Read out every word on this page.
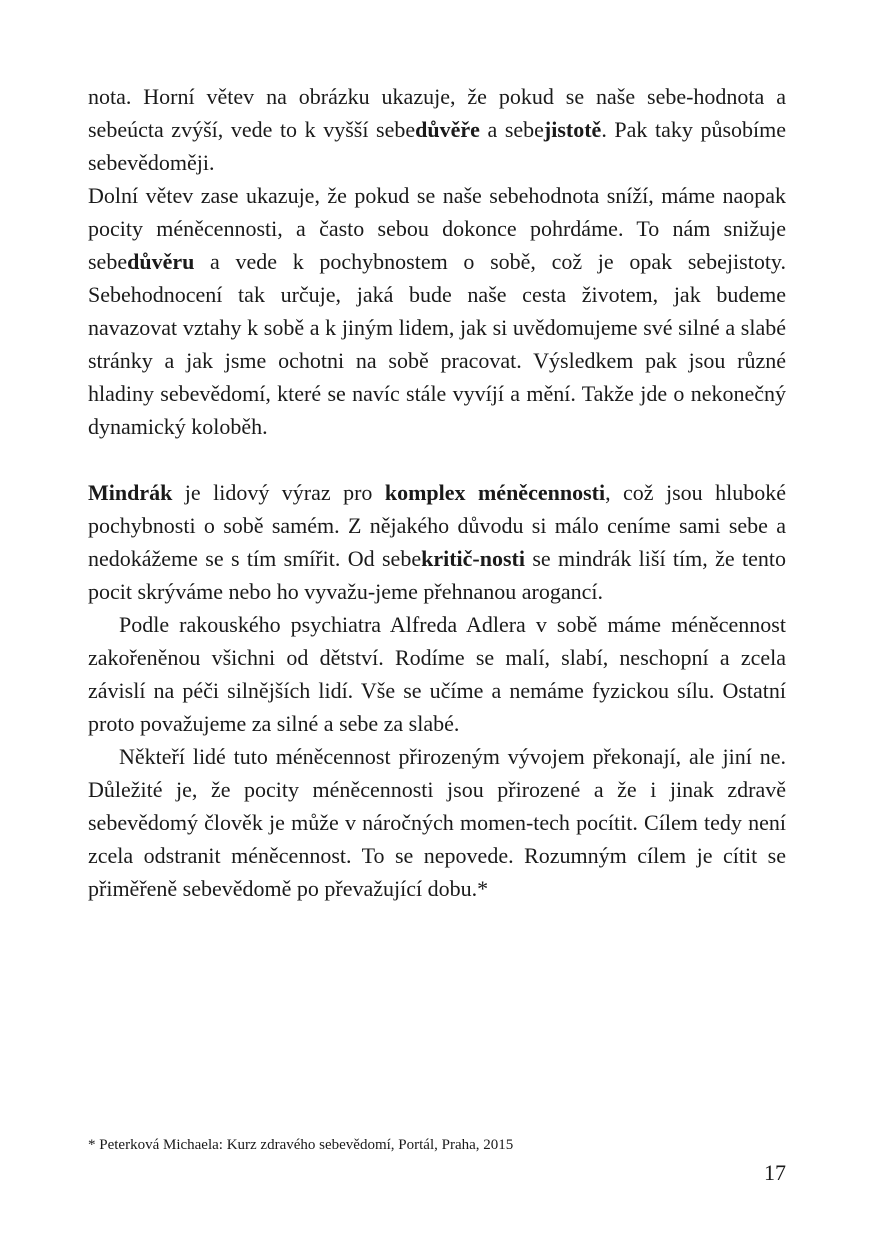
nota. Horní větev na obrázku ukazuje, že pokud se naše sebe-hodnota a sebeúcta zvýší, vede to k vyšší sebedůvěře a sebejistotě. Pak taky působíme sebevědoměji.

Dolní větev zase ukazuje, že pokud se naše sebehodnota sníží, máme naopak pocity méněcennosti, a často sebou dokonce pohrdáme. To nám snižuje sebedůvěru a vede k pochybnostem o sobě, což je opak sebejistoty. Sebehodnocení tak určuje, jaká bude naše cesta životem, jak budeme navazovat vztahy k sobě a k jiným lidem, jak si uvědomujeme své silné a slabé stránky a jak jsme ochotni na sobě pracovat. Výsledkem pak jsou různé hladiny sebevědomí, které se navíc stále vyvíjí a mění. Takže jde o nekonečný dynamický koloběh.

Mindrák je lidový výraz pro komplex méněcennosti, což jsou hluboké pochybnosti o sobě samém. Z nějakého důvodu si málo ceníme sami sebe a nedokážeme se s tím smířit. Od sebekritič-nosti se mindrák liší tím, že tento pocit skrýváme nebo ho vyvažu-jeme přehnanou arogancí.

Podle rakouského psychiatra Alfreda Adlera v sobě máme méněcennost zakořeněnou všichni od dětství. Rodíme se malí, slabí, neschopní a zcela závislí na péči silnějších lidí. Vše se učíme a nemáme fyzickou sílu. Ostatní proto považujeme za silné a sebe za slabé.

Někteří lidé tuto méněcennost přirozeným vývojem překonají, ale jiní ne. Důležité je, že pocity méněcennosti jsou přirozené a že i jinak zdravě sebevědomý člověk je může v náročných momen-tech pocítit. Cílem tedy není zcela odstranit méněcennost. To se nepovede. Rozumným cílem je cítit se přiměřeně sebevědomě po převažující dobu.*

* Peterková Michaela: Kurz zdravého sebevědomí, Portál, Praha, 2015
17
